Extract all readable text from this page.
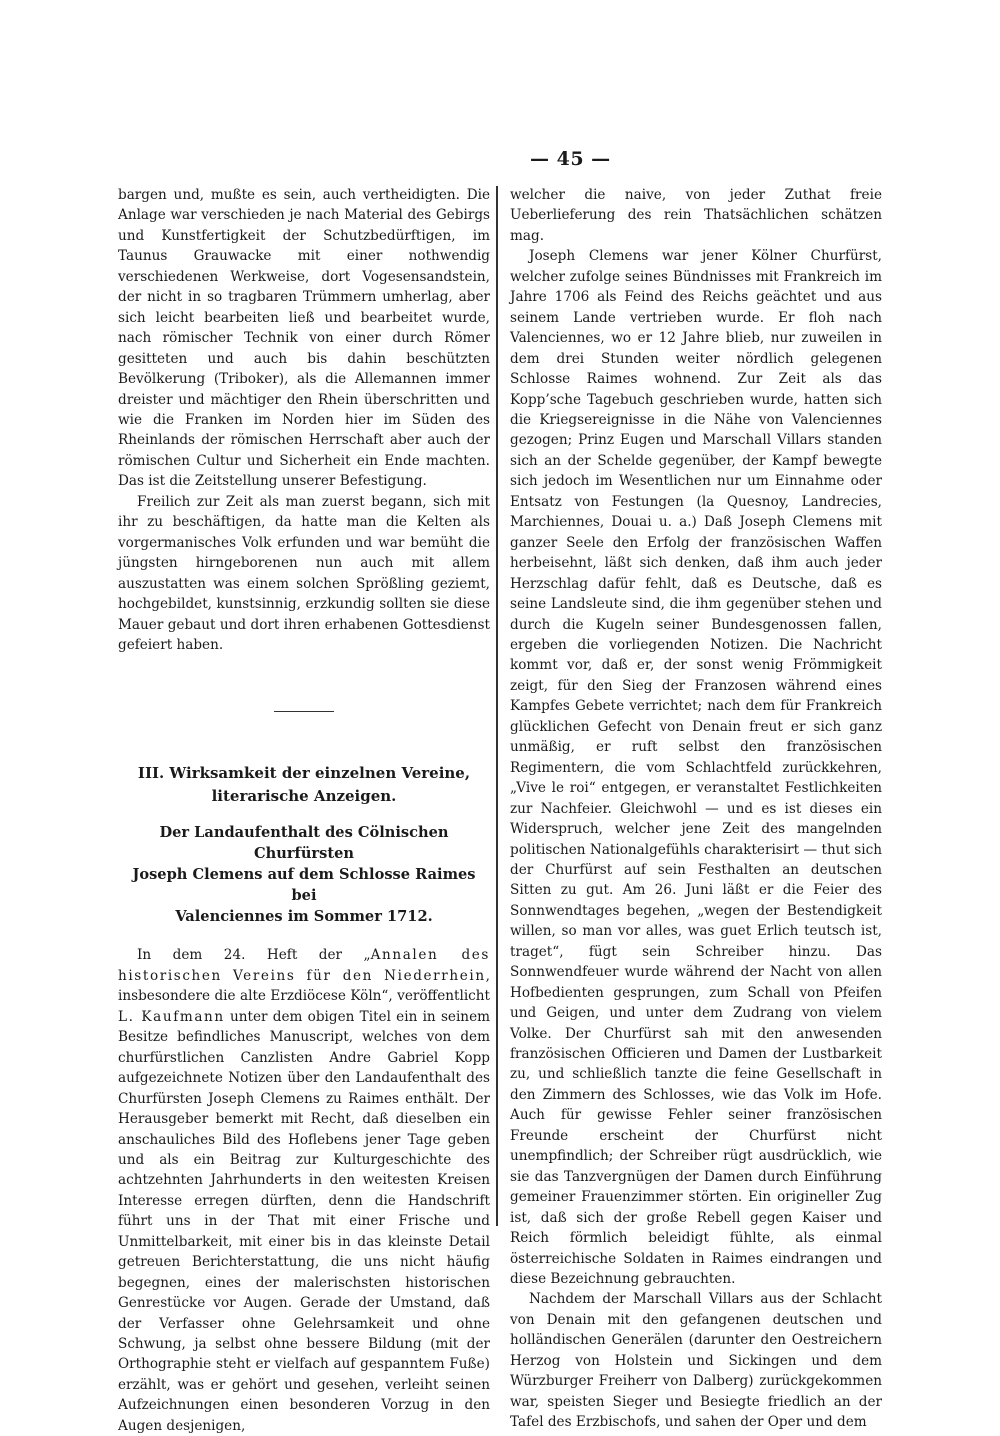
— 45 —

bargen und, mußte es sein, auch vertheidigten. Die Anlage war verschieden je nach Material des Gebirgs und Kunstfertigkeit der Schutzbedürftigen, im Taunus Grauwacke mit einer nothwendig verschiedenen Werkweise, dort Vogesensandstein, der nicht in so tragbaren Trümmern umherlag, aber sich leicht bearbeiten ließ und bearbeitet wurde, nach römischer Technik von einer durch Römer gesitteten und auch bis dahin beschützten Bevölkerung (Triboker), als die Allemannen immer dreister und mächtiger den Rhein überschritten und wie die Franken im Norden hier im Süden des Rheinlands der römischen Herrschaft aber auch der römischen Cultur und Sicherheit ein Ende machten. Das ist die Zeitstellung unserer Befestigung.

Freilich zur Zeit als man zuerst begann, sich mit ihr zu beschäftigen, da hatte man die Kelten als vorgermanisches Volk erfunden und war bemüht die jüngsten hirngeborenen nun auch mit allem auszustatten was einem solchen Sprößling geziemt, hochgebildet, kunstsinnig, erzkundig sollten sie diese Mauer gebaut und dort ihren erhabenen Gottesdienst gefeiert haben.

III. Wirksamkeit der einzelnen Vereine,
literarische Anzeigen.
Der Landaufenthalt des Cölnischen Churfürsten
Joseph Clemens auf dem Schlosse Raimes bei
Valenciennes im Sommer 1712.

In dem 24. Heft der „Annalen des historischen Vereins für den Niederrhein, insbesondere die alte Erzdiöcese Köln“, veröffentlicht L. Kaufmann unter dem obigen Titel ein in seinem Besitze befindliches Manuscript, welches von dem churfürstlichen Canzlisten Andre Gabriel Kopp aufgezeichnete Notizen über den Landaufenthalt des Churfürsten Joseph Clemens zu Raimes enthält. Der Herausgeber bemerkt mit Recht, daß dieselben ein anschauliches Bild des Hoflebens jener Tage geben und als ein Beitrag zur Kulturgeschichte des achtzehnten Jahrhunderts in den weitesten Kreisen Interesse erregen dürften, denn die Handschrift führt uns in der That mit einer Frische und Unmittelbarkeit, mit einer bis in das kleinste Detail getreuen Berichterstattung, die uns nicht häufig begegnen, eines der malerischsten historischen Genrestücke vor Augen. Gerade der Umstand, daß der Verfasser ohne Gelehrsamkeit und ohne Schwung, ja selbst ohne bessere Bildung (mit der Orthographie steht er vielfach auf gespanntem Fuße) erzählt, was er gehört und gesehen, verleiht seinen Aufzeichnungen einen besonderen Vorzug in den Augen desjenigen,

welcher die naive, von jeder Zuthat freie Ueberlieferung des rein Thatsächlichen schätzen mag.

Joseph Clemens war jener Kölner Churfürst, welcher zufolge seines Bündnisses mit Frankreich im Jahre 1706 als Feind des Reichs geächtet und aus seinem Lande vertrieben wurde. Er floh nach Valenciennes, wo er 12 Jahre blieb, nur zuweilen in dem drei Stunden weiter nördlich gelegenen Schlosse Raimes wohnend. Zur Zeit als das Kopp’sche Tagebuch geschrieben wurde, hatten sich die Kriegsereignisse in die Nähe von Valenciennes gezogen; Prinz Eugen und Marschall Villars standen sich an der Schelde gegenüber, der Kampf bewegte sich jedoch im Wesentlichen nur um Einnahme oder Entsatz von Festungen (la Quesnoy, Landrecies, Marchiennes, Douai u. a.) Daß Joseph Clemens mit ganzer Seele den Erfolg der französischen Waffen herbeisehnt, läßt sich denken, daß ihm auch jeder Herzschlag dafür fehlt, daß es Deutsche, daß es seine Landsleute sind, die ihm gegenüber stehen und durch die Kugeln seiner Bundesgenossen fallen, ergeben die vorliegenden Notizen. Die Nachricht kommt vor, daß er, der sonst wenig Frömmigkeit zeigt, für den Sieg der Franzosen während eines Kampfes Gebete verrichtet; nach dem für Frankreich glücklichen Gefecht von Denain freut er sich ganz unmäßig, er ruft selbst den französischen Regimentern, die vom Schlachtfeld zurückkehren, „Vive le roi“ entgegen, er veranstaltet Festlichkeiten zur Nachfeier. Gleichwohl — und es ist dieses ein Widerspruch, welcher jene Zeit des mangelnden politischen Nationalgefühls charakterisirt — thut sich der Churfürst auf sein Festhalten an deutschen Sitten zu gut. Am 26. Juni läßt er die Feier des Sonnwendtages begehen, „wegen der Bestendigkeit willen, so man vor alles, was guet Erlich teutsch ist, traget“, fügt sein Schreiber hinzu. Das Sonnwendfeuer wurde während der Nacht von allen Hofbedienten gesprungen, zum Schall von Pfeifen und Geigen, und unter dem Zudrang von vielem Volke. Der Churfürst sah mit den anwesenden französischen Officieren und Damen der Lustbarkeit zu, und schließlich tanzte die feine Gesellschaft in den Zimmern des Schlosses, wie das Volk im Hofe. Auch für gewisse Fehler seiner französischen Freunde erscheint der Churfürst nicht unempfindlich; der Schreiber rügt ausdrücklich, wie sie das Tanzvergnügen der Damen durch Einführung gemeiner Frauenzimmer störten. Ein origineller Zug ist, daß sich der große Rebell gegen Kaiser und Reich förmlich beleidigt fühlte, als einmal österreichische Soldaten in Raimes eindrangen und diese Bezeichnung gebrauchten.

Nachdem der Marschall Villars aus der Schlacht von Denain mit den gefangenen deutschen und holländischen Generälen (darunter den Oestreichern Herzog von Holstein und Sickingen und dem Würzburger Freiherr von Dalberg) zurückgekommen war, speisten Sieger und Besiegte friedlich an der Tafel des Erzbischofs, und sahen der Oper und dem
